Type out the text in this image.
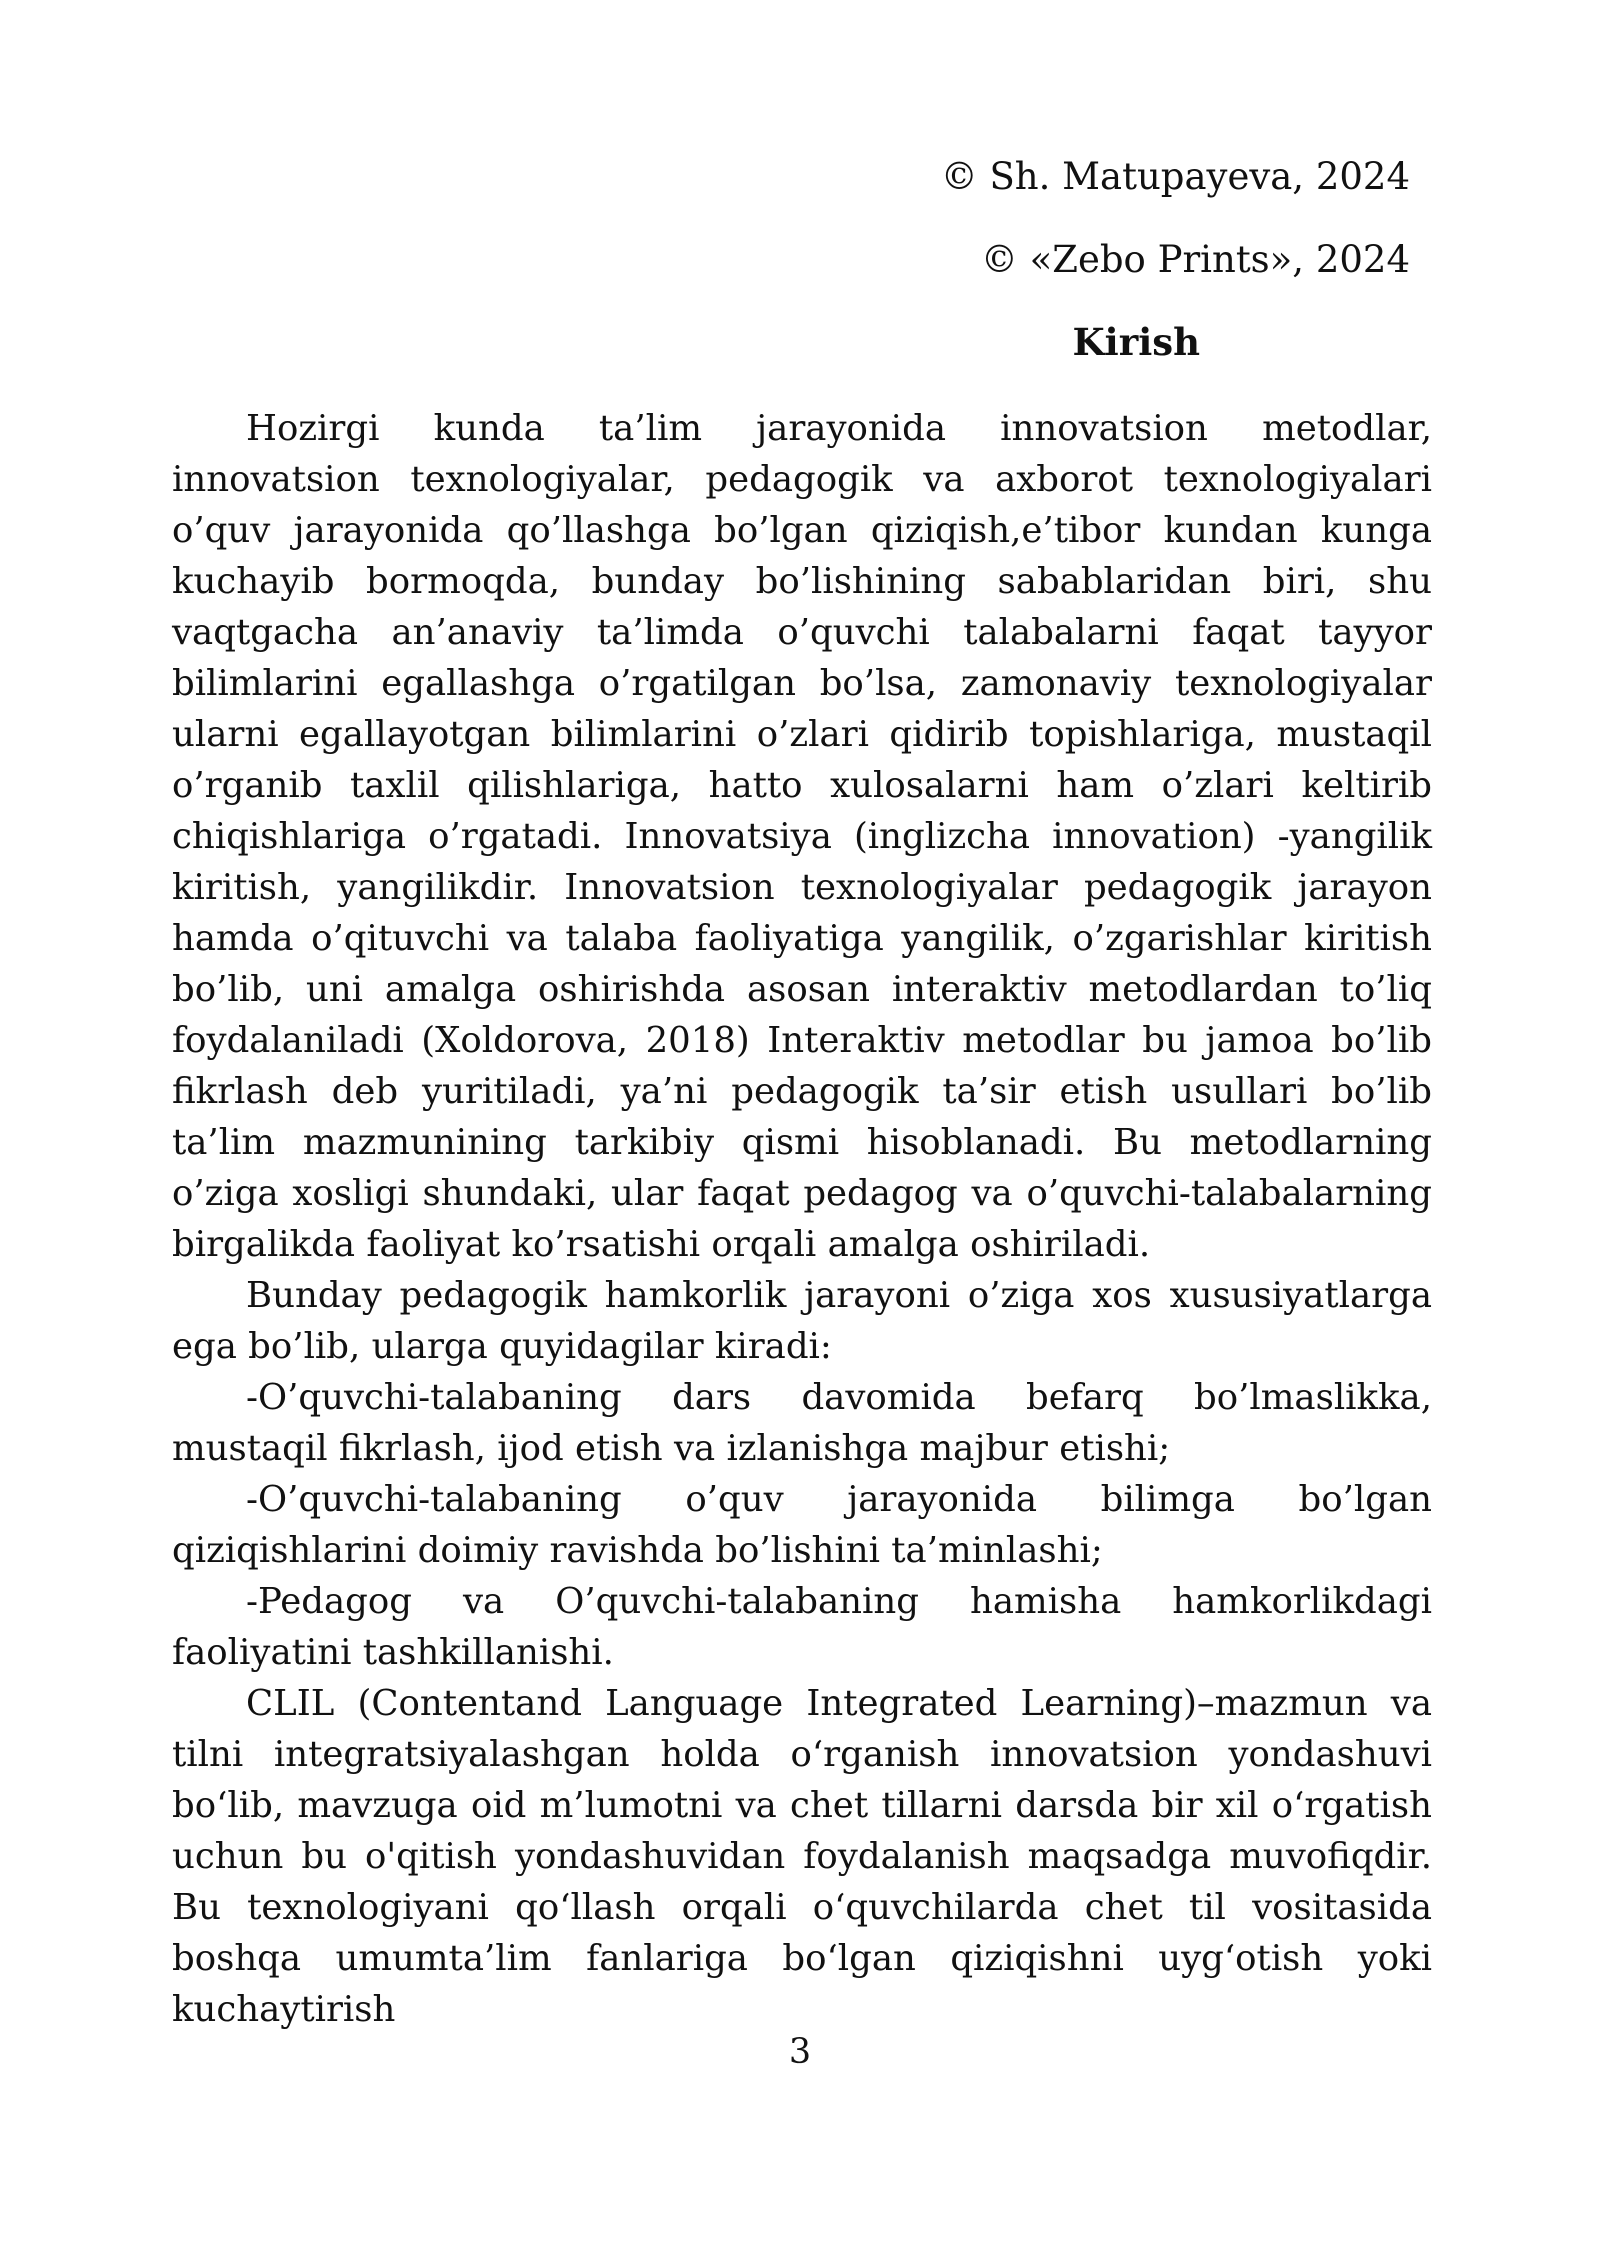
© Sh. Matupayeva, 2024
© «Zebo Prints», 2024
Kirish

Hozirgi kunda ta’lim jarayonida innovatsion metodlar, innovatsion texnologiyalar, pedagogik va axborot texnologiyalari o’quv jarayonida qo’llashga bo’lgan qiziqish,e’tibor kundan kunga kuchayib bormoqda, bunday bo’lishining sabablaridan biri, shu vaqtgacha an’anaviy ta’limda o’quvchi talabalarni faqat tayyor bilimlarini egallashga o’rgatilgan bo’lsa, zamonaviy texnologiyalar ularni egallayotgan bilimlarini o’zlari qidirib topishlariga, mustaqil o’rganib taxlil qilishlariga, hatto xulosalarni ham o’zlari keltirib chiqishlariga o’rgatadi. Innovatsiya (inglizcha innovation) -yangilik kiritish, yangilikdir. Innovatsion texnologiyalar pedagogik jarayon hamda o’qituvchi va talaba faoliyatiga yangilik, o’zgarishlar kiritish bo’lib, uni amalga oshirishda asosan interaktiv metodlardan to’liq foydalaniladi (Xoldorova, 2018) Interaktiv metodlar bu jamoa bo’lib fikrlash deb yuritiladi, ya’ni pedagogik ta’sir etish usullari bo’lib ta’lim mazmunining tarkibiy qismi hisoblanadi. Bu metodlarning o’ziga xosligi shundaki, ular faqat pedagog va o’quvchi-talabalarning birgalikda faoliyat ko’rsatishi orqali amalga oshiriladi.

Bunday pedagogik hamkorlik jarayoni o’ziga xos xususiyatlarga ega bo’lib, ularga quyidagilar kiradi:

-O’quvchi-talabaning dars davomida befarq bo’lmaslikka, mustaqil fikrlash, ijod etish va izlanishga majbur etishi;

-O’quvchi-talabaning o’quv jarayonida bilimga bo’lgan qiziqishlarini doimiy ravishda bo’lishini ta’minlashi;

-Pedagog va O’quvchi-talabaning hamisha hamkorlikdagi faoliyatini tashkillanishi.

CLIL (Contentand Language Integrated Learning)–mazmun va tilni integratsiyalashgan holda o‘rganish innovatsion yondashuvi bo‘lib, mavzuga oid m’lumotni va chet tillarni darsda bir xil o‘rgatish uchun bu o'qitish yondashuvidan foydalanish maqsadga muvofiqdir. Bu texnologiyani qo‘llash orqali o‘quvchilarda chet til vositasida boshqa umumta’lim fanlariga bo‘lgan qiziqishni uyg‘otish yoki kuchaytirish

3
